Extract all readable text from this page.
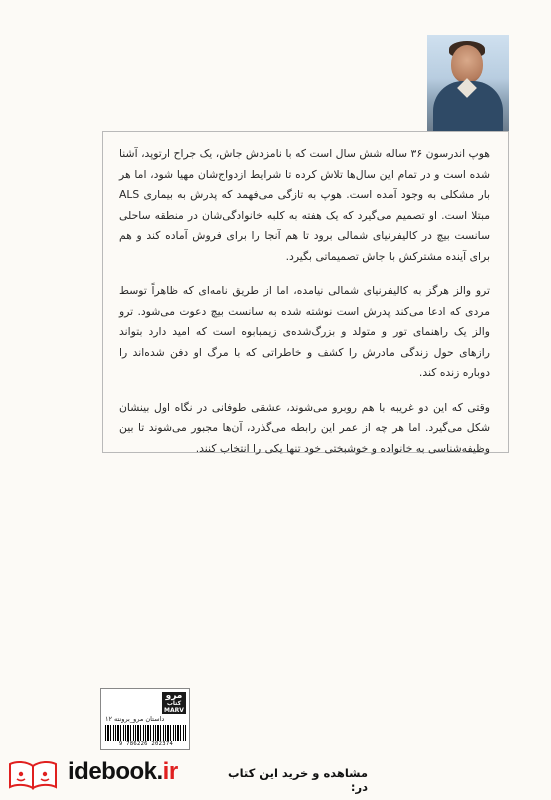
هوپ اندرسون ۳۶ ساله شش سال است که با نامزدش جاش، یک جراح ارتوپد، آشنا شده است و در تمام این سال‌ها تلاش کرده تا شرایط ازدواج‌شان مهیا شود، اما هر بار مشکلی به وجود آمده است. هوپ به تازگی می‌فهمد که پدرش به بیماری ALS مبتلا است. او تصمیم می‌گیرد که یک هفته به کلبه خانوادگی‌شان در منطقه ساحلی سانست بیچ در کالیفرنیای شمالی برود تا هم آنجا را برای فروش آماده کند و هم برای آینده مشترکش با جاش تصمیماتی بگیرد.

ترو والز هرگز به کالیفرنیای شمالی نیامده، اما از طریق نامه‌ای که ظاهراً توسط مردی که ادعا می‌کند پدرش است نوشته شده به سانست بیچ دعوت می‌شود. ترو والز یک راهنمای تور و متولد و بزرگ‌شده‌ی زیمبابوه است که امید دارد بتواند رازهای حول زندگی مادرش را کشف و خاطراتی که با مرگ او دفن شده‌اند را دوباره زنده کند.

وقتی که این دو غریبه با هم روبرو می‌شوند، عشقی طوفانی در نگاه اول بینشان شکل می‌گیرد. اما هر چه از عمر این رابطه می‌گذرد، آن‌ها مجبور می‌شوند تا بین وظیفه‌شناسی به خانواده و خوشبختی خود تنها یکی را انتخاب کنند.

مرو
کتاب MARV BOOK
داستان مرو_برونته ۱۲
9 786226 202374
idebook.ir	مشاهده و خرید این کتاب در:
